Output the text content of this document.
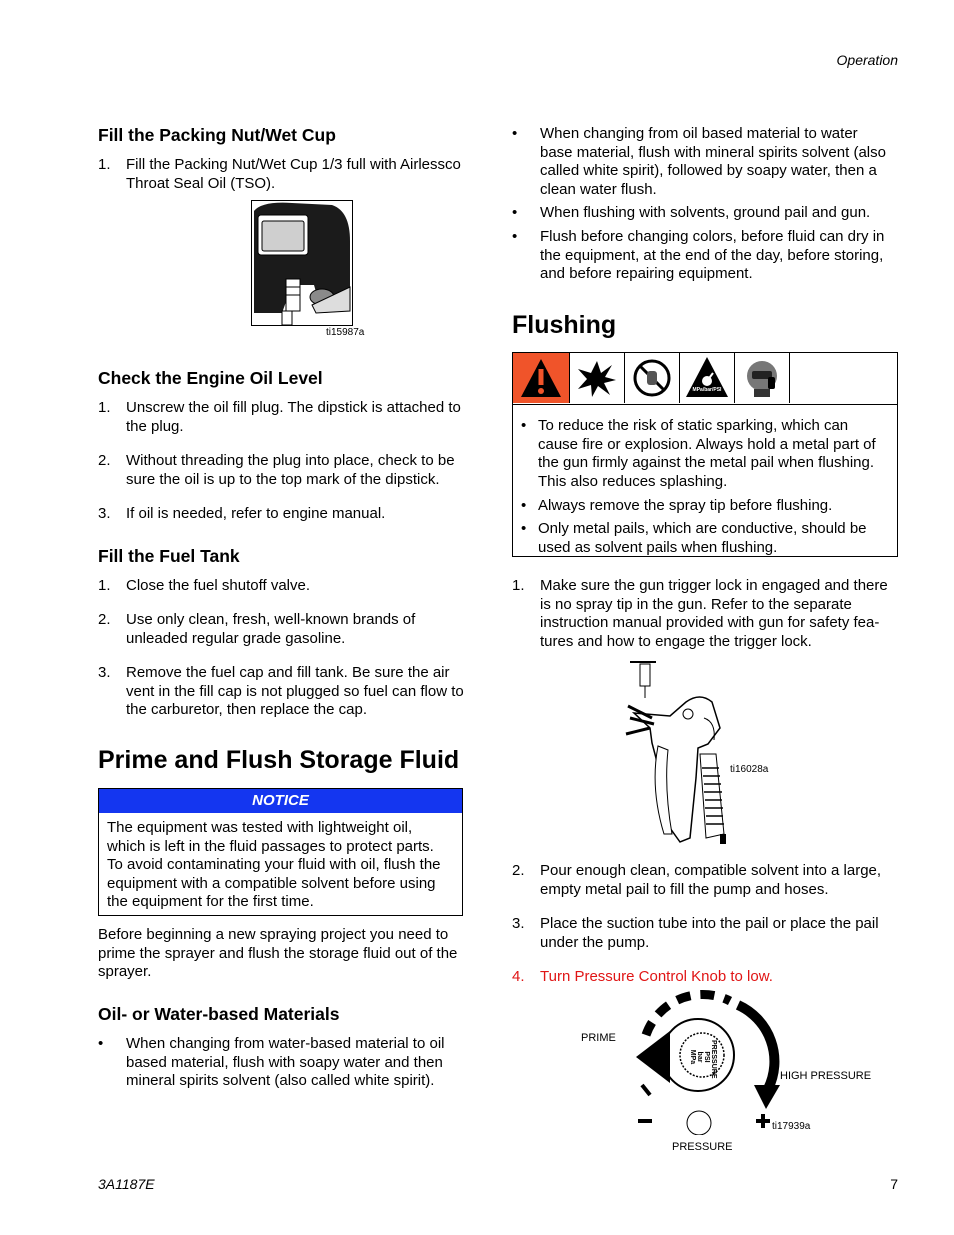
Operation
3A1187E	7
Fill the Packing Nut/Wet Cup
1. Fill the Packing Nut/Wet Cup 1/3 full with Airlessco
Throat Seal Oil (TSO).
ti15987a
Check the Engine Oil Level
1. Unscrew the oil fill plug. The dipstick is attached to
the plug.
2. Without threading the plug into place, check to be
sure the oil is up to the top mark of the dipstick.
3. If oil is needed, refer to engine manual.
Fill the Fuel Tank
1. Close the fuel shutoff valve.
2. Use only clean, fresh, well-known brands of
unleaded regular grade gasoline.
3. Remove the fuel cap and fill tank. Be sure the air
vent in the fill cap is not plugged so fuel can flow to
the carburetor, then replace the cap.
Prime and Flush Storage Fluid
NOTICE
The equipment was tested with lightweight oil,
which is left in the fluid passages to protect parts.
To avoid contaminating your fluid with oil, flush the
equipment with a compatible solvent before using
the equipment for the first time.
Before beginning a new spraying project you need to
prime the sprayer and flush the storage fluid out of the
sprayer.
Oil- or Water-based Materials
• When changing from water-based material to oil
based material, flush with soapy water and then
mineral spirits solvent (also called white spirit).
• When changing from oil based material to water
base material, flush with mineral spirits solvent (also
called white spirit), followed by soapy water, then a
clean water flush.
• When flushing with solvents, ground pail and gun.
• Flush before changing colors, before fluid can dry in
the equipment, at the end of the day, before storing,
and before repairing equipment.
Flushing
MPa/bar/PSI
• To reduce the risk of static sparking, which can
cause fire or explosion. Always hold a metal part of
the gun firmly against the metal pail when flushing.
This also reduces splashing.
• Always remove the spray tip before flushing.
• Only metal pails, which are conductive, should be
used as solvent pails when flushing.
1. Make sure the gun trigger lock in engaged and there
is no spray tip in the gun. Refer to the separate
instruction manual provided with gun for safety fea-
tures and how to engage the trigger lock.
ti16028a
2. Pour enough clean, compatible solvent into a large,
empty metal pail to fill the pump and hoses.
3. Place the suction tube into the pail or place the pail
under the pump.
4. Turn Pressure Control Knob to low.
PRESSURE
PSI
bar
MPa
PRIME
HIGH PRESSURE
PRESSURE
ti17939a
